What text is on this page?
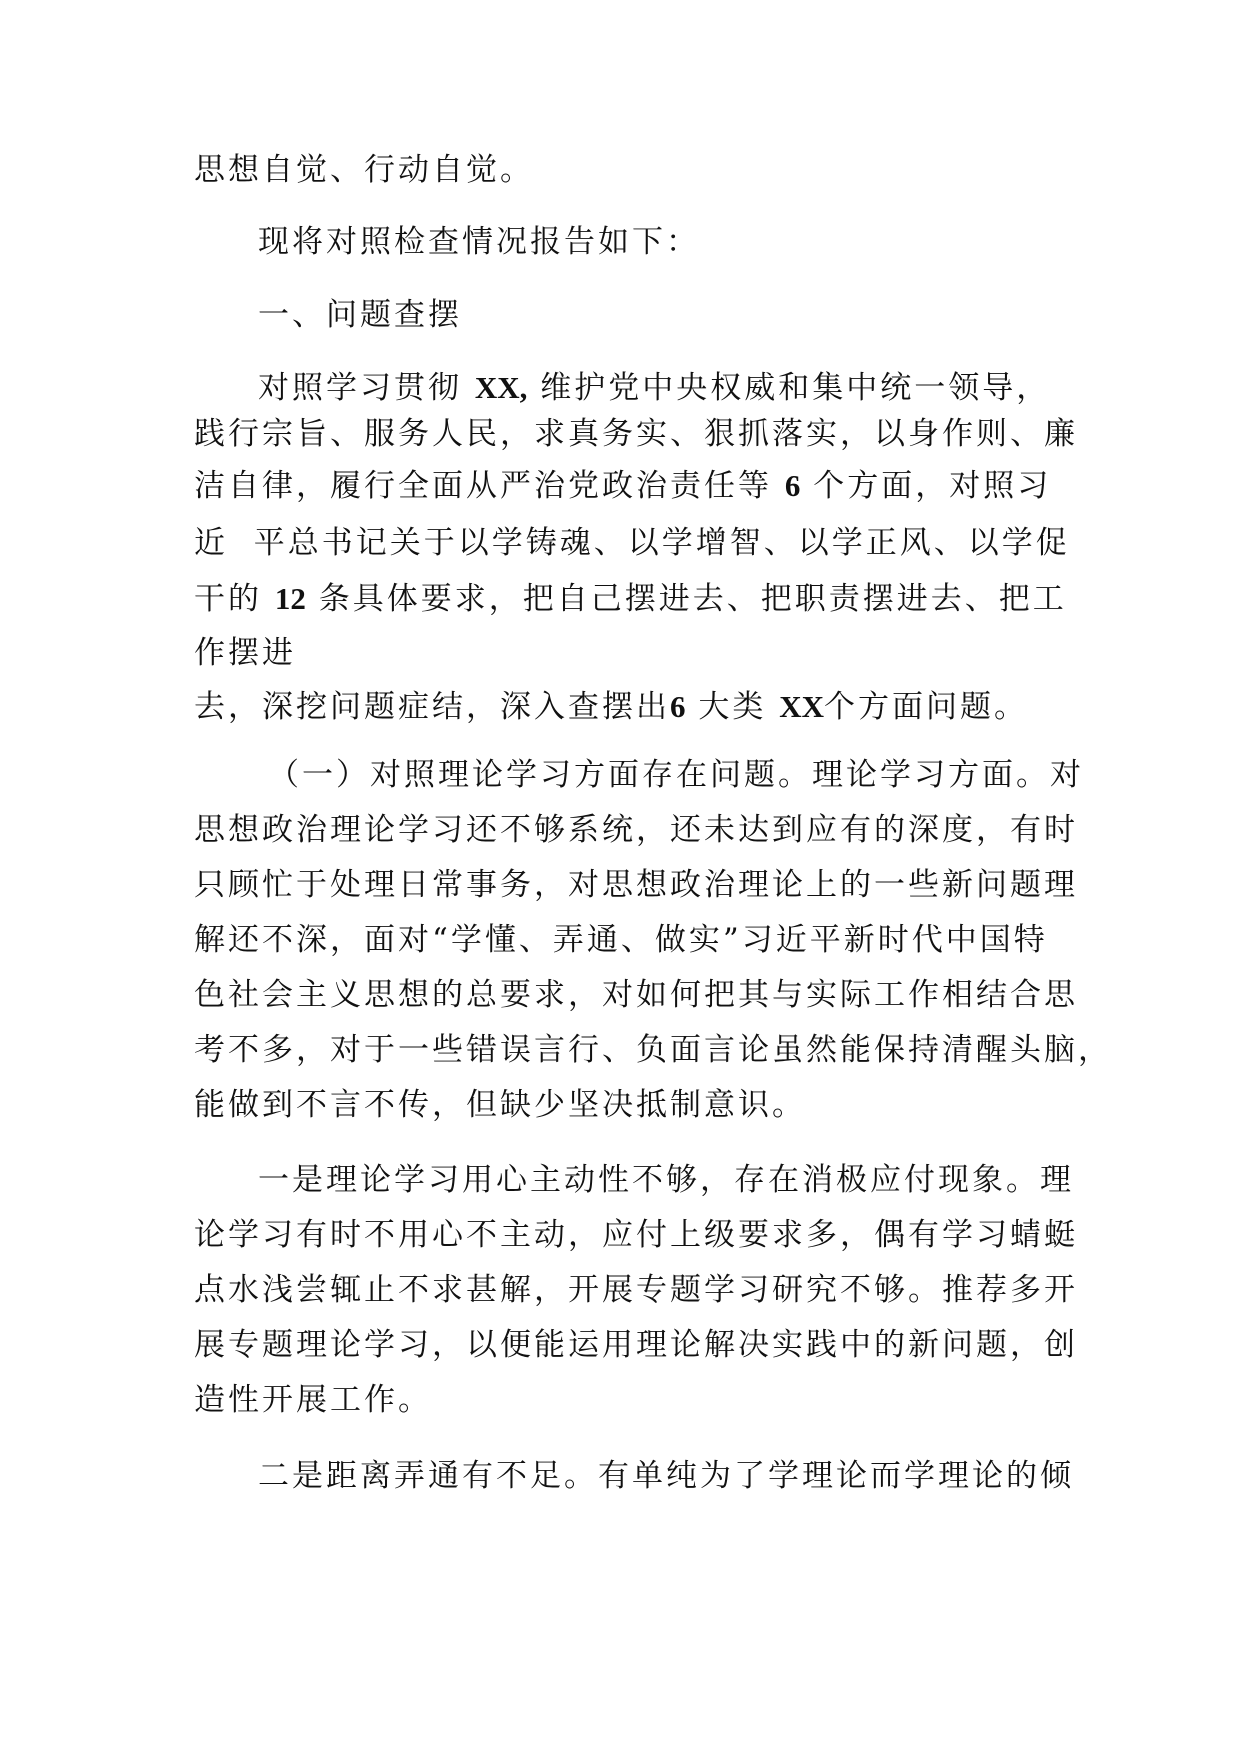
思想自觉、行动自觉。

现将对照检查情况报告如下：

一、问题查摆

对照学习贯彻 XX, 维护党中央权威和集中统一领导，

践行宗旨、服务人民，求真务实、狠抓落实，以身作则、廉

洁自律，履行全面从严治党政治责任等 6 个方面，对照习

近  平总书记关于以学铸魂、以学增智、以学正风、以学促

干的 12 条具体要求，把自己摆进去、把职责摆进去、把工

作摆进

去，深挖问题症结，深入查摆出6 大类 XX个方面问题。

（一）对照理论学习方面存在问题。理论学习方面。对

思想政治理论学习还不够系统，还未达到应有的深度，有时

只顾忙于处理日常事务，对思想政治理论上的一些新问题理

解还不深，面对“学懂、弄通、做实”习近平新时代中国特

色社会主义思想的总要求，对如何把其与实际工作相结合思

考不多，对于一些错误言行、负面言论虽然能保持清醒头脑，

能做到不言不传，但缺少坚决抵制意识。

一是理论学习用心主动性不够，存在消极应付现象。理

论学习有时不用心不主动，应付上级要求多，偶有学习蜻蜓

点水浅尝辄止不求甚解，开展专题学习研究不够。推荐多开

展专题理论学习，以便能运用理论解决实践中的新问题，创

造性开展工作。

二是距离弄通有不足。有单纯为了学理论而学理论的倾
